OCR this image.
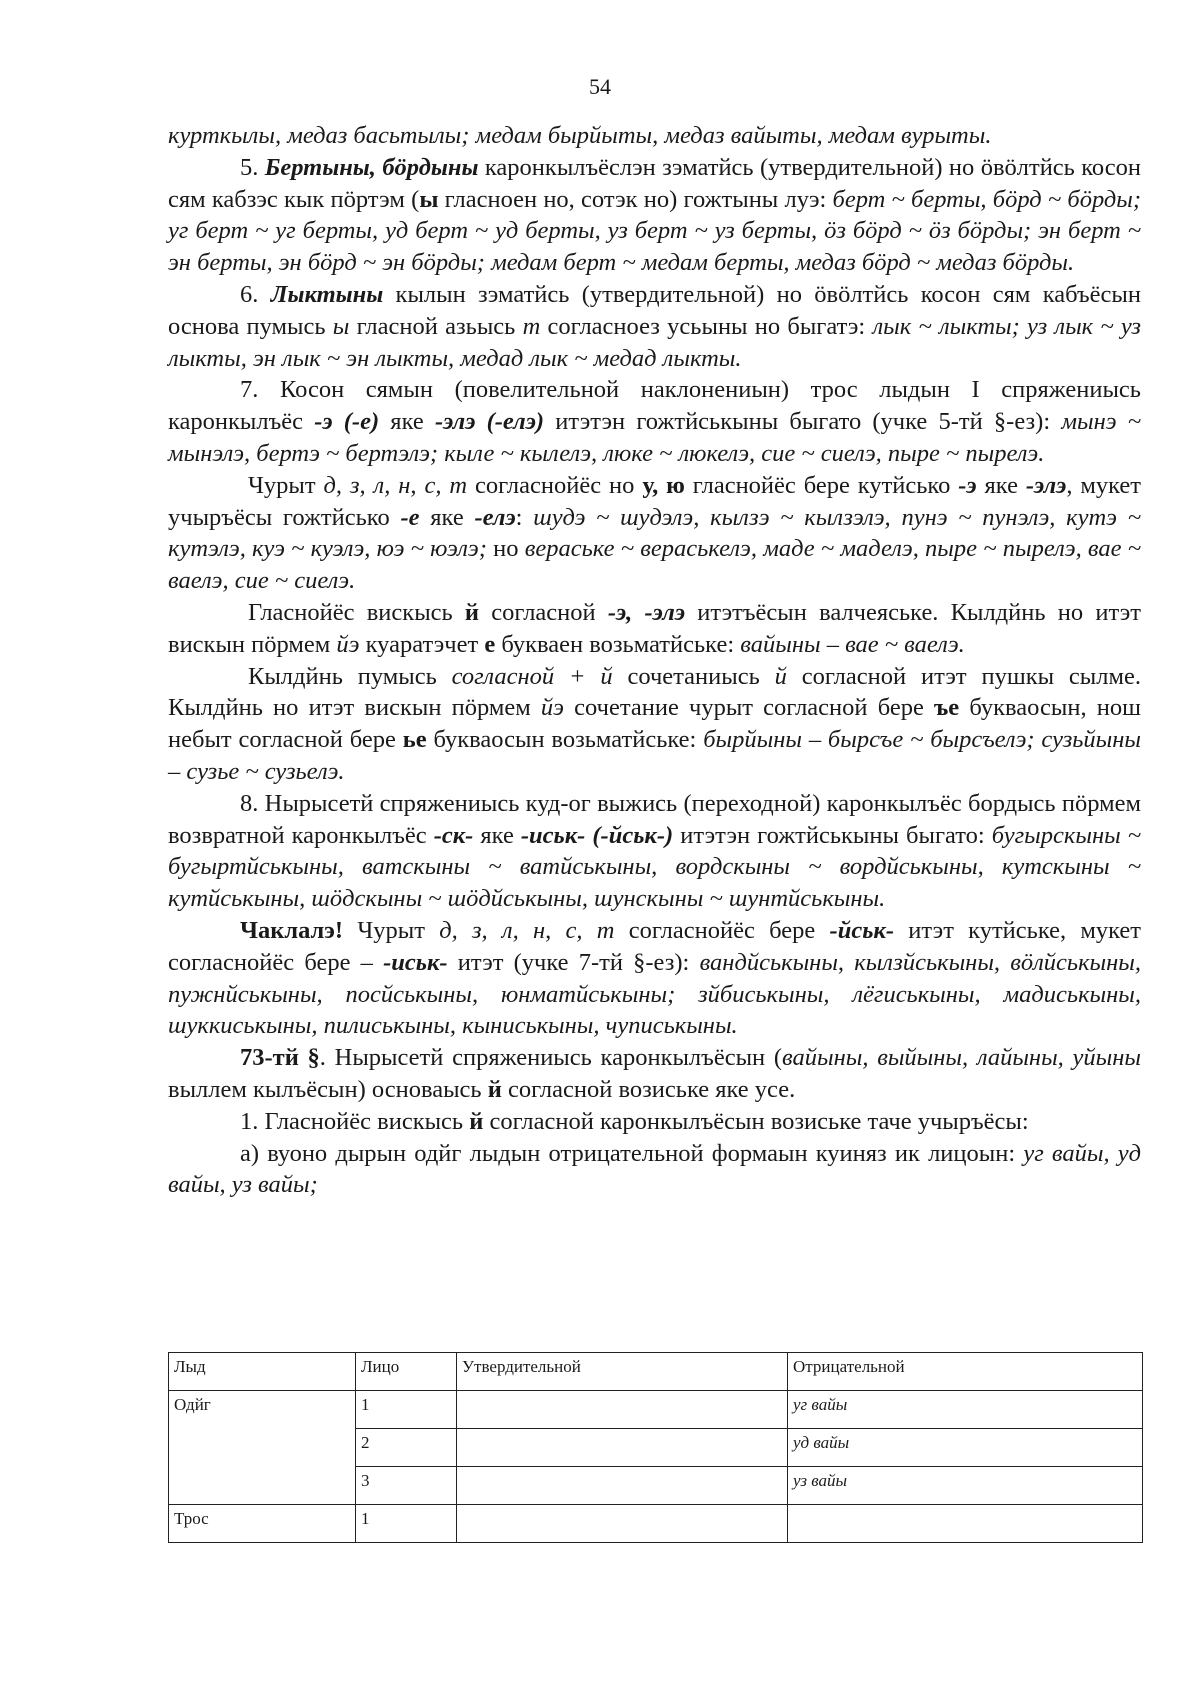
54

курткылы, медаз басьтылы; медам бырйыты, медаз вайыты, медам вурыты.

5. Бертыны, бöрдыны каронкылъёслэн зэматйсь (утвердительной) но öвöлтйсь косон сям кабзэс кык пöртэм (ы гласноен но, сотэк но) гожтыны луэ: берт ~ берты, бöрд ~ бöрды; уг берт ~ уг берты, уд берт ~ уд берты, уз берт ~ уз берты, öз бöрд ~ öз бöрды; эн берт ~ эн берты, эн бöрд ~ эн бöрды; медам берт ~ медам берты, медаз бöрд ~ медаз бöрды.

6. Лыктыны кылын зэматйсь (утвердительной) но öвöлтйсь косон сям кабъёсын основа пумысь ы гласной азьысь т согласноез усьыны но быгатэ: лык ~ лыкты; уз лык ~ уз лыкты, эн лык ~ эн лыкты, медад лык ~ медад лыкты.

7. Косон сямын (повелительной наклонениын) трос лыдын I спряжениысь каронкылъёс -э (-е) яке -элэ (-елэ) итэтэн гожтйськыны быгато (учке 5-тй §-ез): мынэ ~ мынэлэ, бертэ ~ бертэлэ; кыле ~ кылелэ, люке ~ люкелэ, сие ~ сиелэ, пыре ~ пырелэ.

Чурыт д, з, л, н, с, т согласнойёс но у, ю гласнойёс бере кутйсько -э яке -элэ, мукет учыръёсы гожтйсько -е яке -елэ: шудэ ~ шудэлэ, кылзэ ~ кылзэлэ, пунэ ~ пунэлэ, кутэ ~ кутэлэ, куэ ~ куэлэ, юэ ~ юэлэ; но вераське ~ вераськелэ, маде ~ маделэ, пыре ~ пырелэ, вае ~ ваелэ, сие ~ сиелэ.

Гласнойёс вискысь й согласной -э, -элэ итэтъёсын валчеяське. Кылдйнь но итэт вискын пöрмем йэ куаратэчет е букваен возьматйське: вайыны – вае ~ ваелэ.

Кылдйнь пумысь согласной + й сочетаниысь й согласной итэт пушкы сылме. Кылдйнь но итэт вискын пöрмем йэ сочетание чурыт согласной бере ъе букваосын, нош небыт согласной бере ье букваосын возьматйське: бырйыны – бырсъе ~ бырсъелэ; сузьйыны – сузье ~ сузьелэ.

8. Нырысетй спряжениысь куд-ог выжись (переходной) каронкылъёс бордысь пöрмем возвратной каронкылъёс -ск- яке -иськ- (-йськ-) итэтэн гожтйськыны быгато: бугырскыны ~ бугыртйськыны, ватскыны ~ ватйськыны, вордскыны ~ вордйськыны, кутскыны ~ кутйськыны, шöдскыны ~ шöдйськыны, шунскыны ~ шунтйськыны.

Чаклалэ! Чурыт д, з, л, н, с, т согласнойёс бере -йськ- итэт кутйське, мукет согласнойёс бере – -иськ- итэт (учке 7-тй §-ез): вандйськыны, кылзйськыны, вöлйськыны, пужнйськыны, посйськыны, юнматйськыны; зйбиськыны, лёгиськыны, мадиськыны, шуккиськыны, пилиськыны, кыниськыны, чуписькыны.

73-тй §. Нырысетй спряжениысь каронкылъёсын (вайыны, выйыны, лайыны, уйыны выллем кылъёсын) основаысь й согласной возиське яке усе.

1. Гласнойёс вискысь й согласной каронкылъёсын возиське тачe учыръёсы:

а) вуоно дырын одйг лыдын отрицательной формаын куиняз ик лицоын: уг вайы, уд вайы, уз вайы;

Лыд	Лицо	Утвердительной	Отрицательной
Одйг	1		уг вайы
	2		уд вайы
	3		уз вайы
Трос	1		
